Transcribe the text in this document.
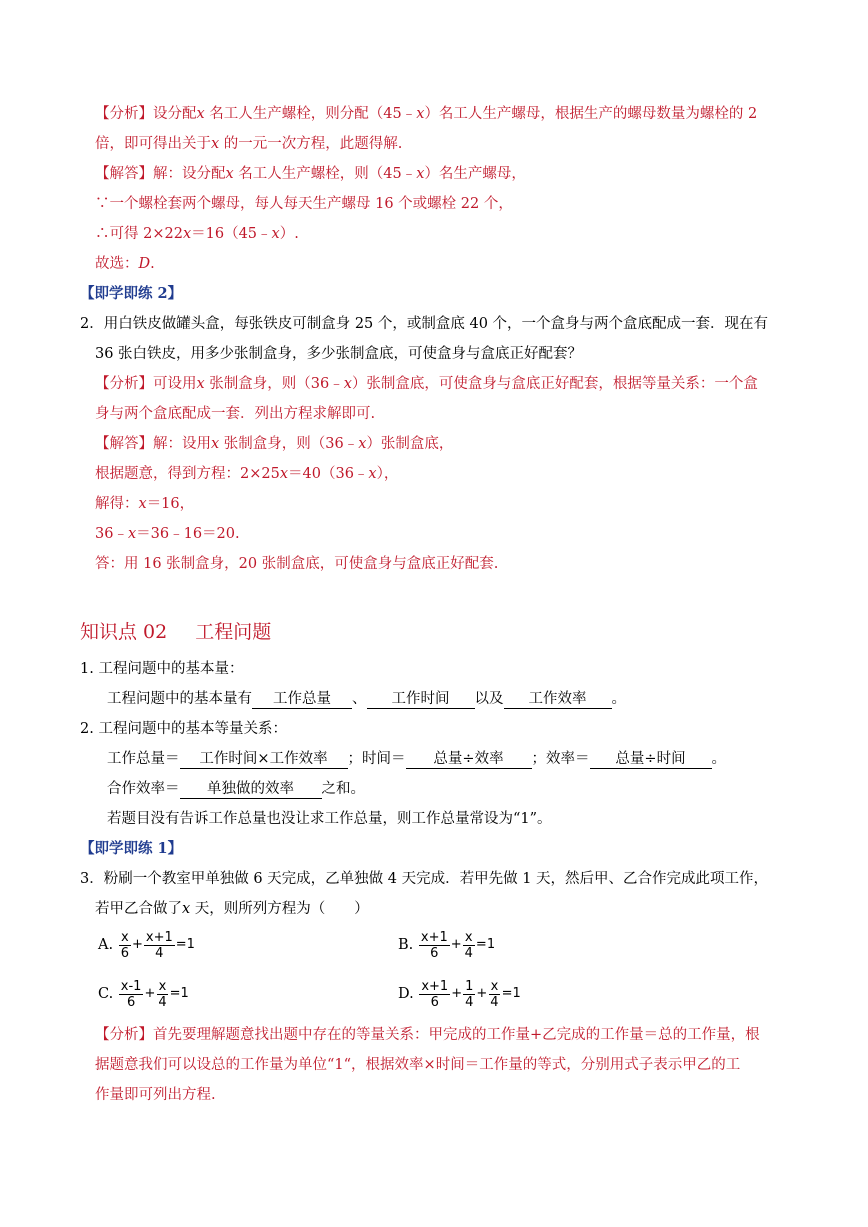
【分析】设分配x 名工人生产螺栓，则分配（45﹣x）名工人生产螺母，根据生产的螺母数量为螺栓的 2
倍，即可得出关于x 的一元一次方程，此题得解.
【解答】解：设分配x 名工人生产螺栓，则（45﹣x）名生产螺母，
∵一个螺栓套两个螺母，每人每天生产螺母 16 个或螺栓 22 个，
∴可得 2×22x＝16（45﹣x）.
故选：D.
【即学即练 2】
2．用白铁皮做罐头盒，每张铁皮可制盒身 25 个，或制盒底 40 个，一个盒身与两个盒底配成一套．现在有
36 张白铁皮，用多少张制盒身，多少张制盒底，可使盒身与盒底正好配套？
【分析】可设用x 张制盒身，则（36﹣x）张制盒底，可使盒身与盒底正好配套，根据等量关系：一个盒
身与两个盒底配成一套．列出方程求解即可.
【解答】解：设用x 张制盒身，则（36﹣x）张制盒底，
根据题意，得到方程：2×25x＝40（36﹣x），
解得：x＝16，
36﹣x＝36﹣16＝20.
答：用 16 张制盒身，20 张制盒底，可使盒身与盒底正好配套.
知识点 02 工程问题
1. 工程问题中的基本量：
工程问题中的基本量有 工作总量 、 工作时间 以及 工作效率 。
2. 工程问题中的基本等量关系：
工作总量＝ 工作时间×工作效率 ；时间＝ 总量÷效率 ；效率＝ 总量÷时间 。
合作效率＝ 单独做的效率 之和。
若题目没有告诉工作总量也没让求工作总量，则工作总量常设为“1”。
【即学即练 1】
3．粉刷一个教室甲单独做 6 天完成，乙单独做 4 天完成．若甲先做 1 天，然后甲、乙合作完成此项工作，
若甲乙合做了x 天，则所列方程为（　　）
A. $\frac{x}{6} + \frac{x+1}{4} =1$	B. $\frac{x+1}{6} + \frac{x}{4} =1$
C. $\frac{x-1}{6} + \frac{x}{4} =1$	D. $\frac{x+1}{6} + \frac{1}{4} + \frac{x}{4} =1$
【分析】首先要理解题意找出题中存在的等量关系：甲完成的工作量+乙完成的工作量＝总的工作量，根
据题意我们可以设总的工作量为单位“1“，根据效率×时间＝工作量的等式，分别用式子表示甲乙的工
作量即可列出方程.
